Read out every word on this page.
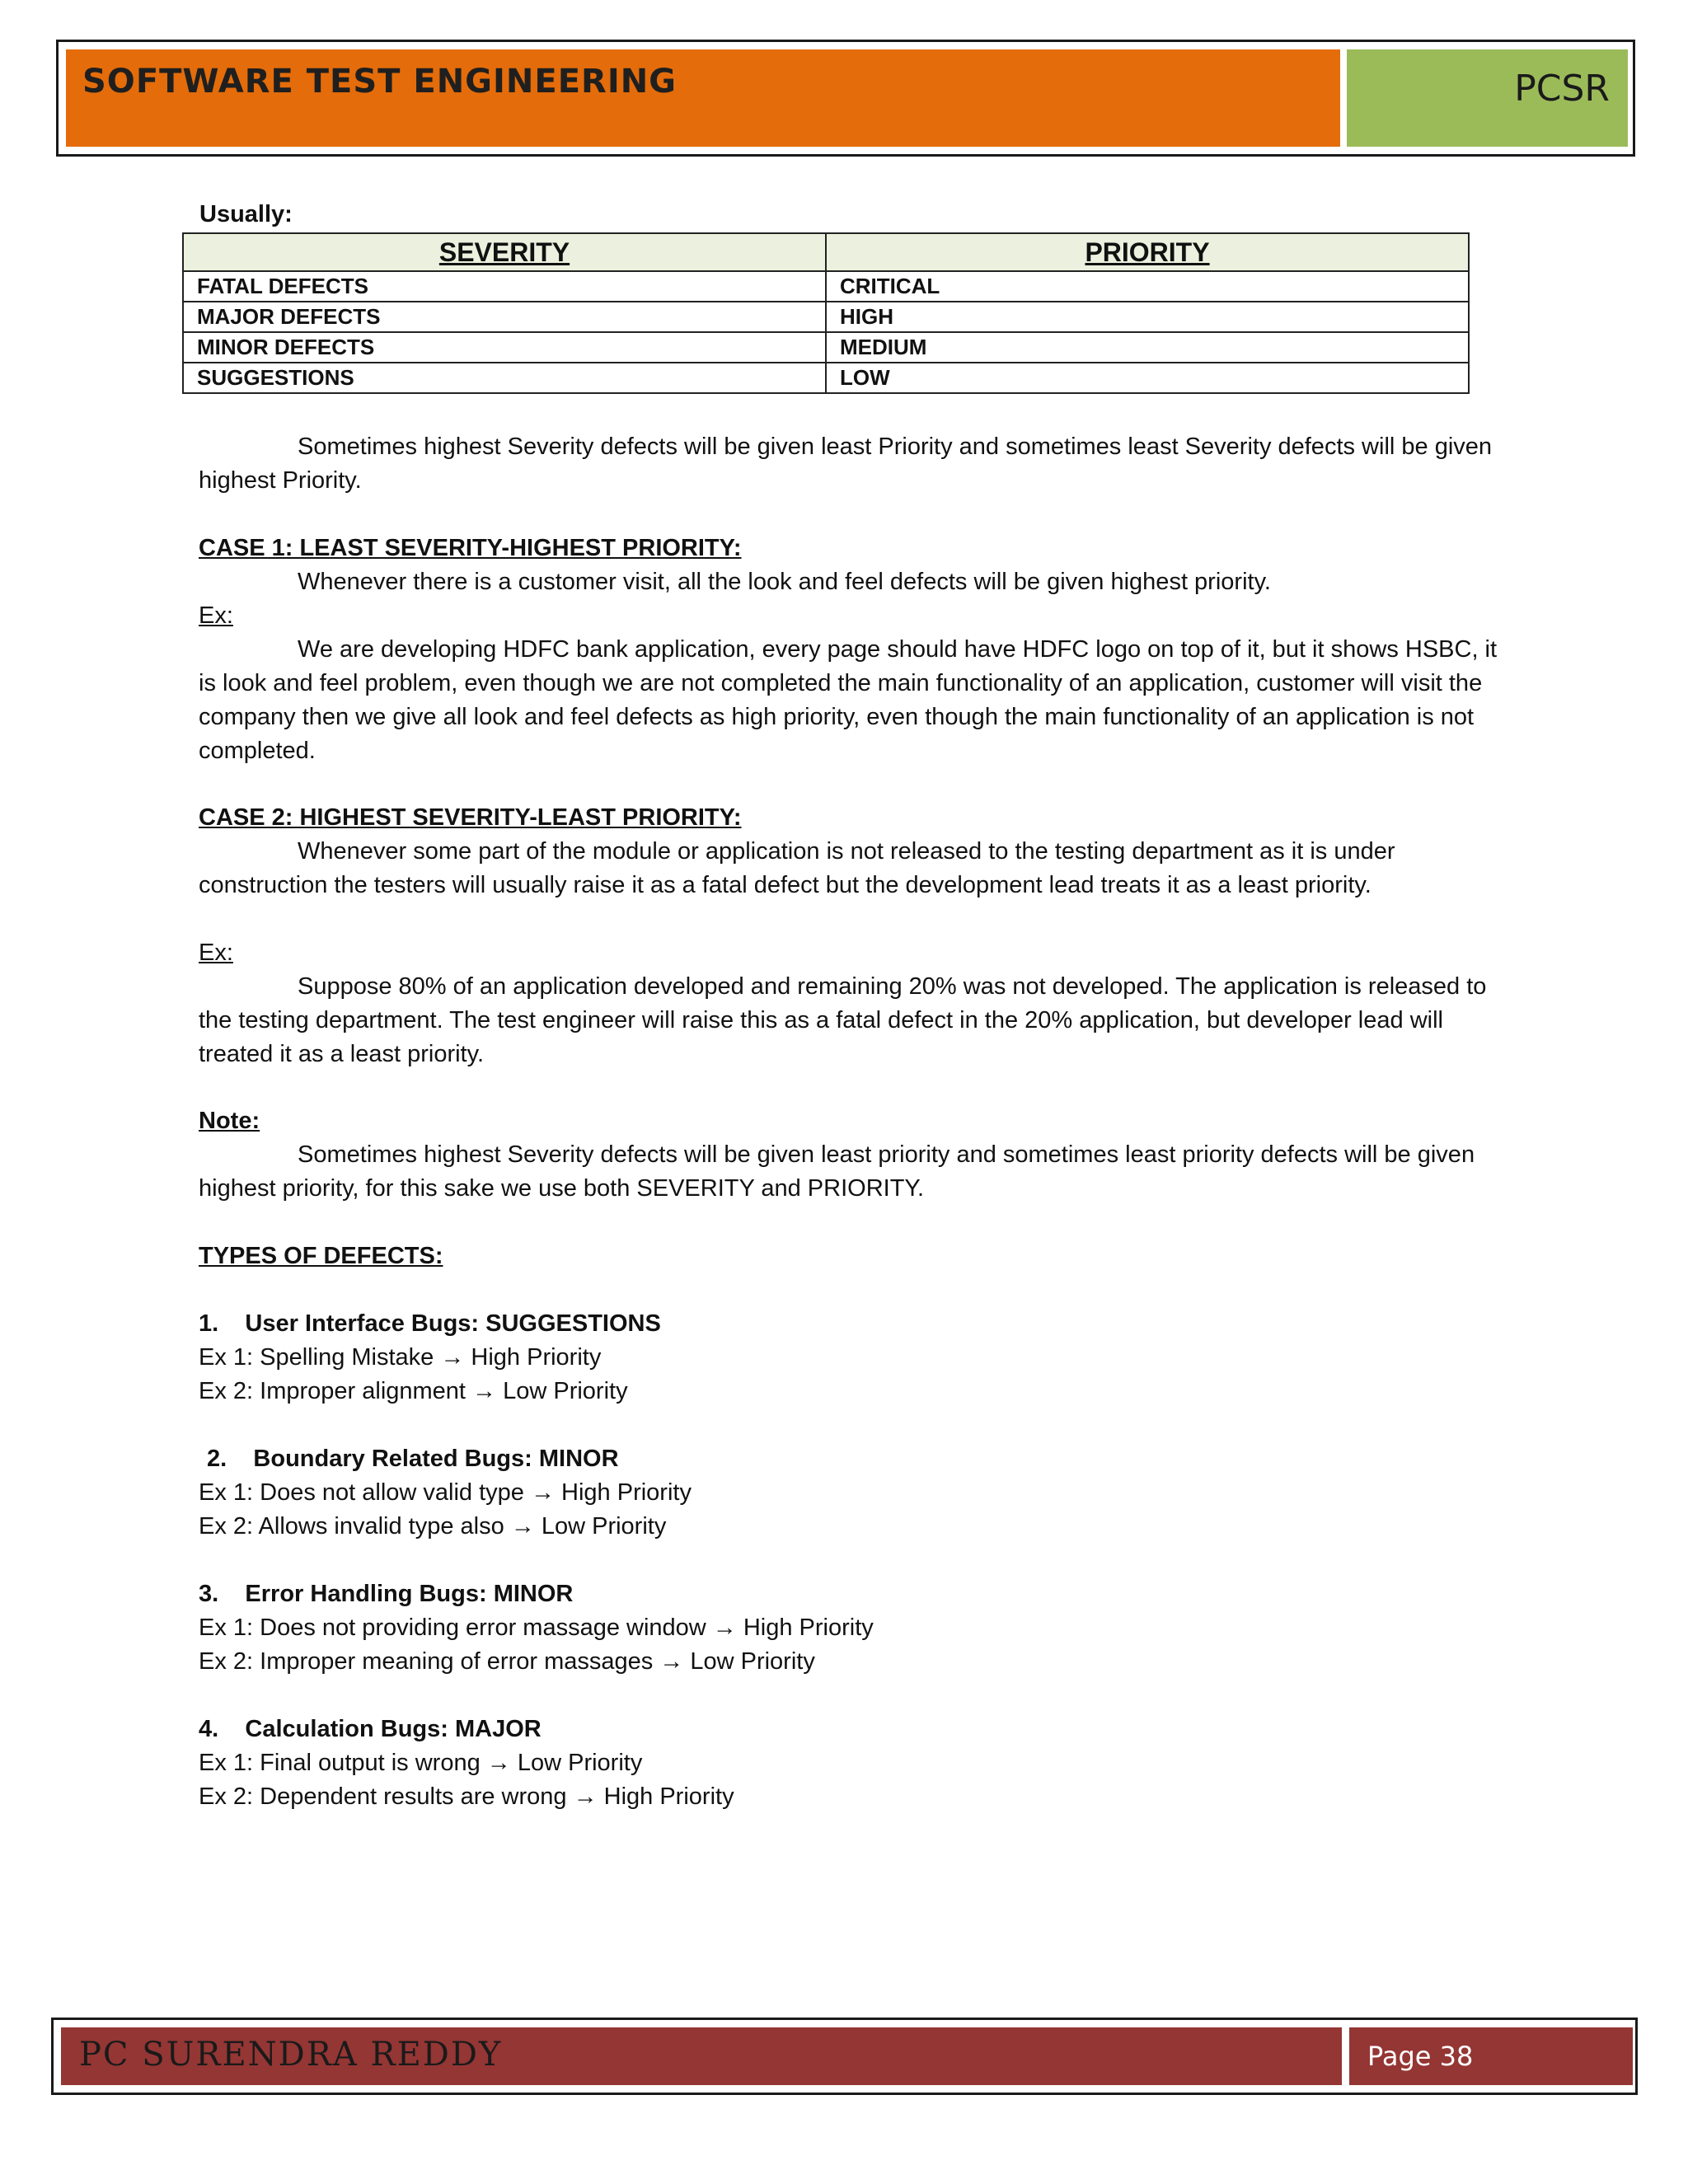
SOFTWARE TEST ENGINEERING	PCSR
Usually:
SEVERITY	PRIORITY
FATAL DEFECTS	CRITICAL
MAJOR DEFECTS	HIGH
MINOR DEFECTS	MEDIUM
SUGGESTIONS	LOW
Sometimes highest Severity defects will be given least Priority and sometimes least Severity defects will be given highest Priority.
CASE 1: LEAST SEVERITY-HIGHEST PRIORITY:
Whenever there is a customer visit, all the look and feel defects will be given highest priority.
Ex:
We are developing HDFC bank application, every page should have HDFC logo on top of it, but it shows HSBC, it is look and feel problem, even though we are not completed the main functionality of an application, customer will visit the company then we give all look and feel defects as high priority, even though the main functionality of an application is not completed.
CASE 2: HIGHEST SEVERITY-LEAST PRIORITY:
Whenever some part of the module or application is not released to the testing department as it is under construction the testers will usually raise it as a fatal defect but the development lead treats it as a least priority.
Ex:
Suppose 80% of an application developed and remaining 20% was not developed. The application is released to the testing department. The test engineer will raise this as a fatal defect in the 20% application, but developer lead will treated it as a least priority.
Note:
Sometimes highest Severity defects will be given least priority and sometimes least priority defects will be given highest priority, for this sake we use both SEVERITY and PRIORITY.
TYPES OF DEFECTS:
1. User Interface Bugs: SUGGESTIONS
Ex 1: Spelling Mistake → High Priority
Ex 2: Improper alignment → Low Priority
2. Boundary Related Bugs: MINOR
Ex 1: Does not allow valid type → High Priority
Ex 2: Allows invalid type also → Low Priority
3. Error Handling Bugs: MINOR
Ex 1: Does not providing error massage window → High Priority
Ex 2: Improper meaning of error massages → Low Priority
4. Calculation Bugs: MAJOR
Ex 1: Final output is wrong → Low Priority
Ex 2: Dependent results are wrong → High Priority
PC SURENDRA REDDY	Page 38
